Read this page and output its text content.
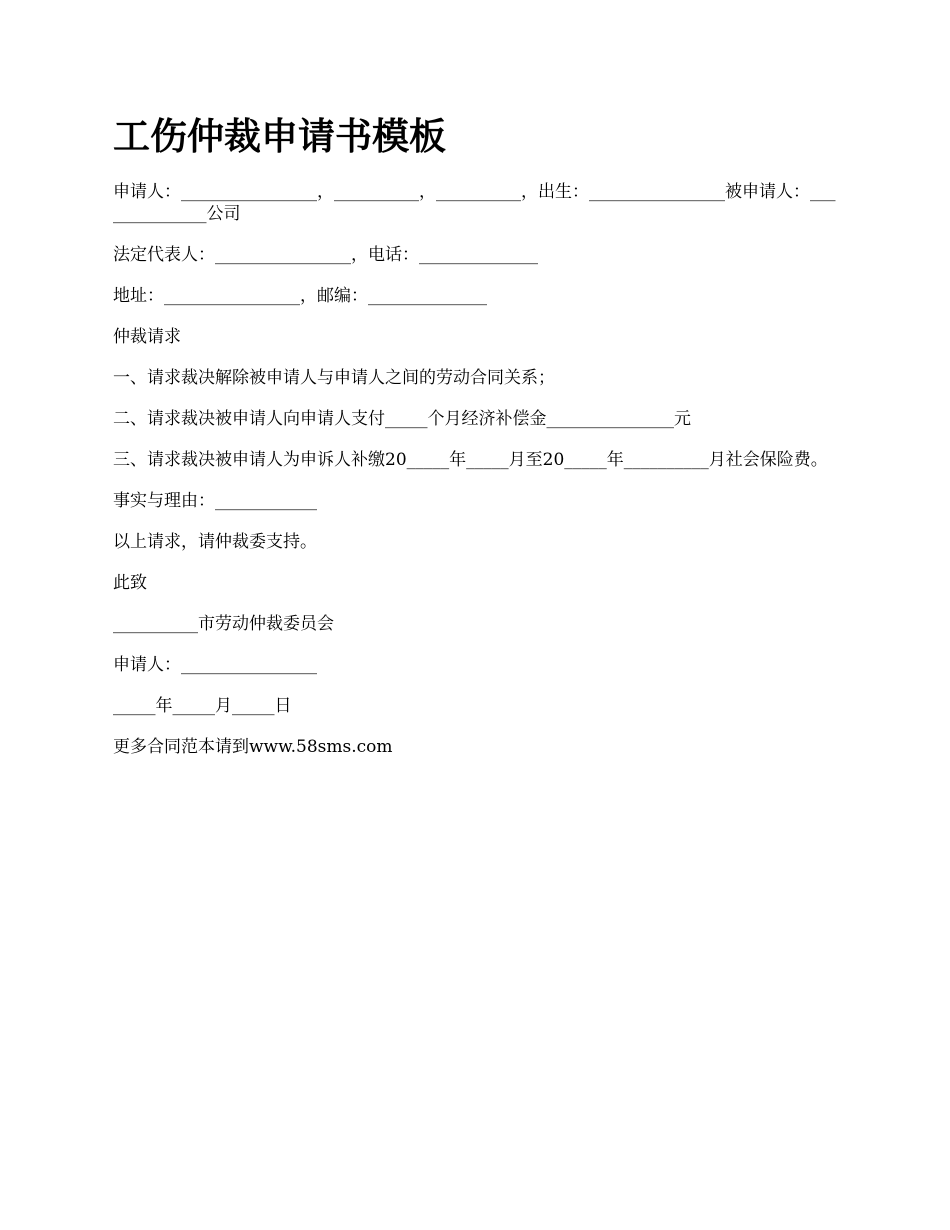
工伤仲裁申请书模板

申请人：________________，__________，__________，出生：________________被申请人：______________公司

法定代表人：________________，电话：______________

地址：________________，邮编：______________

仲裁请求

一、请求裁决解除被申请人与申请人之间的劳动合同关系；

二、请求裁决被申请人向申请人支付_____个月经济补偿金_______________元

三、请求裁决被申请人为申诉人补缴20_____年_____月至20_____年__________月社会保险费。

事实与理由：____________

以上请求，请仲裁委支持。

此致

__________市劳动仲裁委员会

申请人：________________

_____年_____月_____日

更多合同范本请到www.58sms.com
